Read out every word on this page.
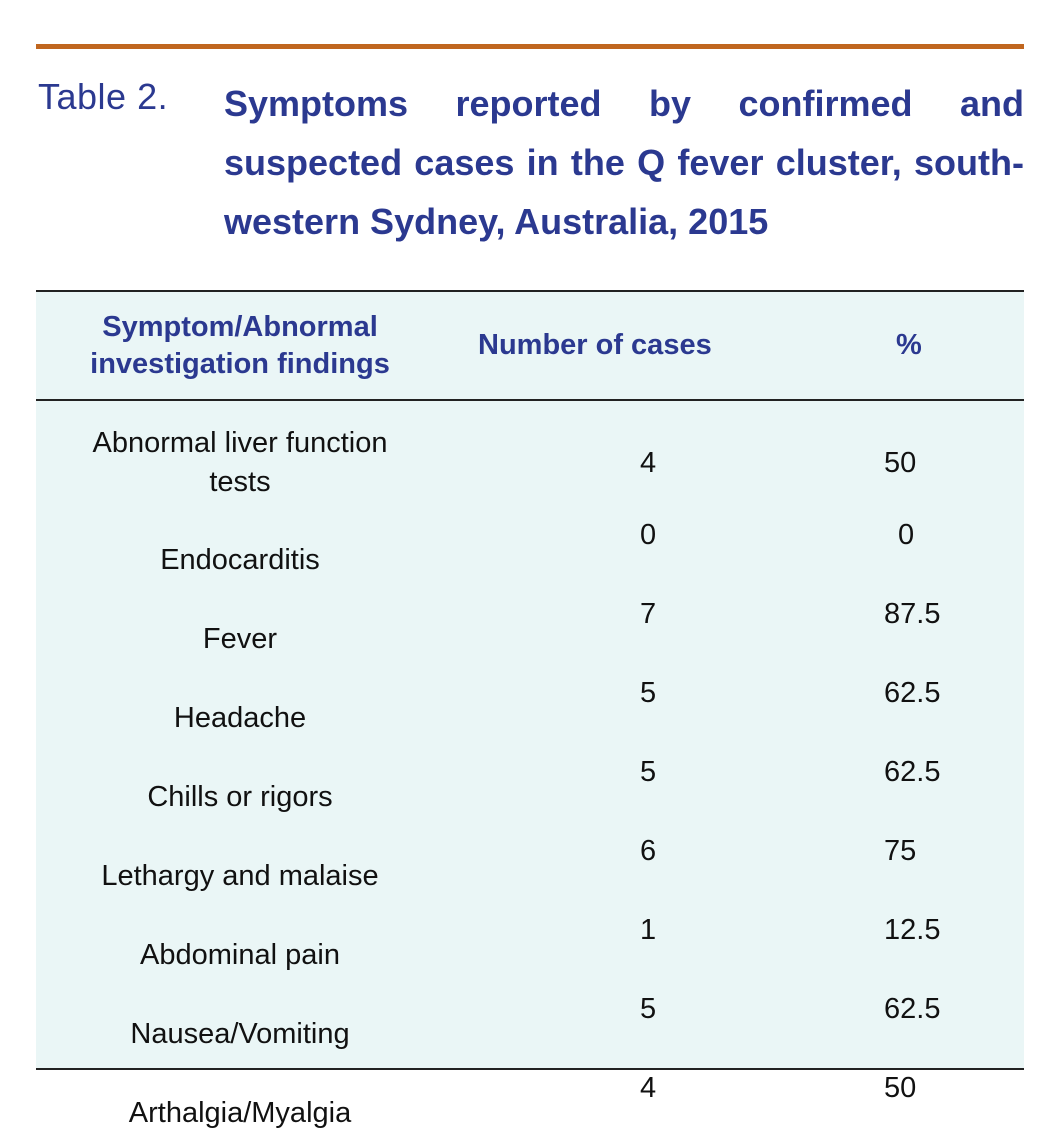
Table 2. Symptoms reported by confirmed and suspected cases in the Q fever cluster, south-western Sydney, Australia, 2015

Symptom/Abnormal investigation findings	Number of cases	%
Abnormal liver function tests	4	50
Endocarditis	0	0
Fever	7	87.5
Headache	5	62.5
Chills or rigors	5	62.5
Lethargy and malaise	6	75
Abdominal pain	1	12.5
Nausea/Vomiting	5	62.5
Arthalgia/Myalgia	4	50
